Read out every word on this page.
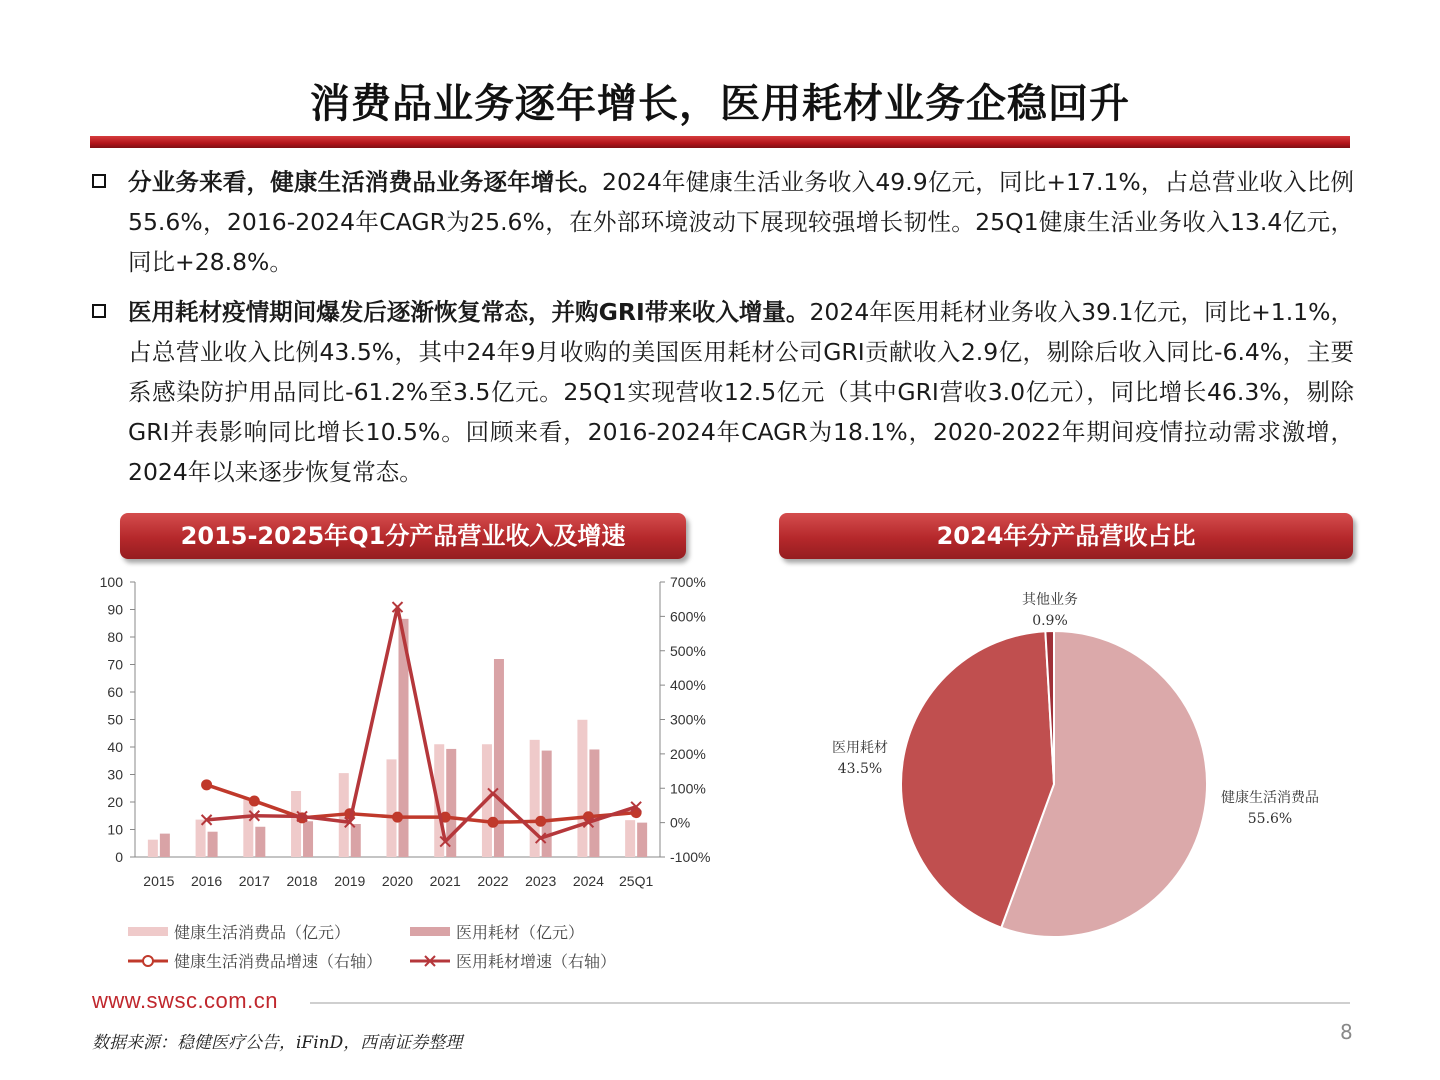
消费品业务逐年增长，医用耗材业务企稳回升
分业务来看，健康生活消费品业务逐年增长。2024年健康生活业务收入49.9亿元，同比+17.1%，占总营业收入比例55.6%，2016-2024年CAGR为25.6%，在外部环境波动下展现较强增长韧性。25Q1健康生活业务收入13.4亿元，同比+28.8%。
医用耗材疫情期间爆发后逐渐恢复常态，并购GRI带来收入增量。2024年医用耗材业务收入39.1亿元，同比+1.1%，占总营业收入比例43.5%，其中24年9月收购的美国医用耗材公司GRI贡献收入2.9亿，剔除后收入同比-6.4%，主要系感染防护用品同比-61.2%至3.5亿元。25Q1实现营收12.5亿元（其中GRI营收3.0亿元），同比增长46.3%，剔除GRI并表影响同比增长10.5%。回顾来看，2016-2024年CAGR为18.1%，2020-2022年期间疫情拉动需求激增，2024年以来逐步恢复常态。
2015-2025年Q1分产品营业收入及增速	2024年分产品营收占比
0
10
20
30
40
50
60
70
80
90
100
-100%
0%
100%
200%
300%
400%
500%
600%
700%
2015 2016 2017 2018 2019 2020 2021 2022 2023 2024 25Q1
健康生活消费品（亿元）	医用耗材（亿元）
健康生活消费品增速（右轴）	医用耗材增速（右轴）
健康生活消费品
55.6%
医用耗材
43.5%
其他业务
0.9%
www.swsc.com.cn
数据来源：稳健医疗公告，iFinD，西南证券整理	8
